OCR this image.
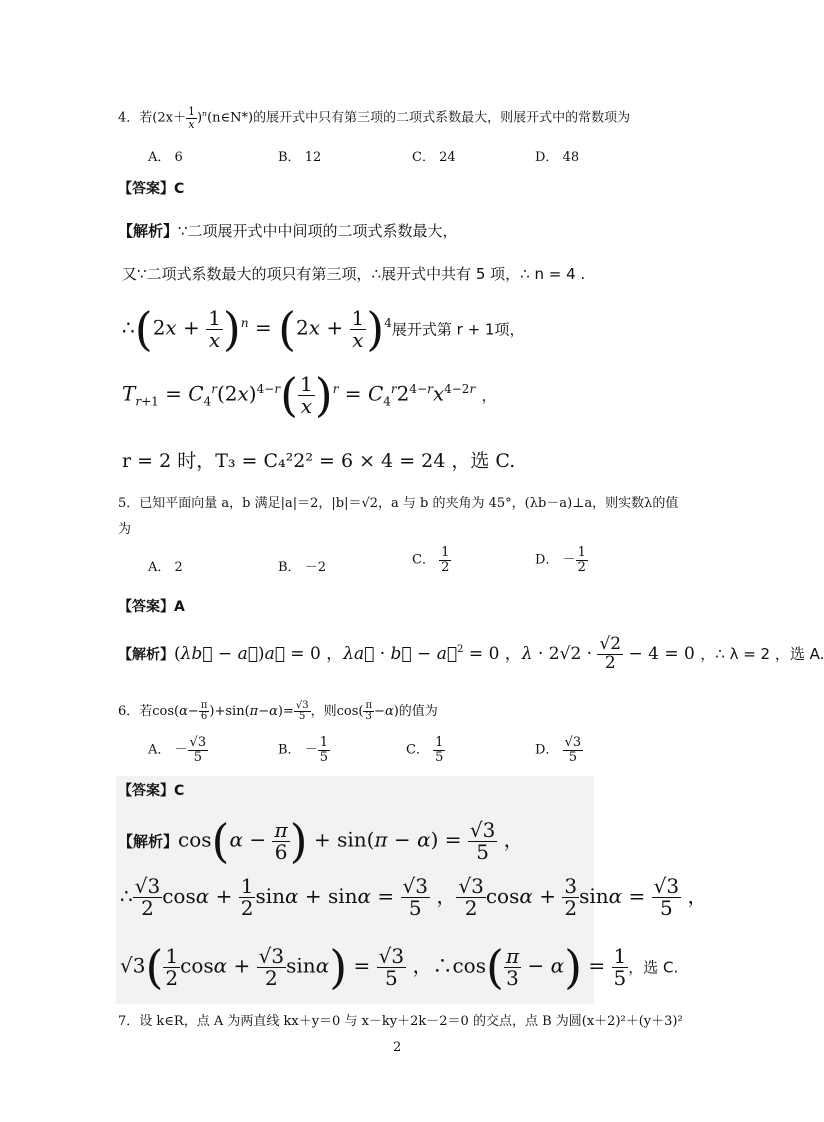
4．若($2x+ \frac{1}{x}$ )$^n(n\in N*)$的展开式中只有第三项的二项式系数最大，则展开式中的常数项为
A． 6	B． 12	C． 24	D． 48
【答案】C
【解析】∵二项展开式中中间项的二项式系数最大，
又∵二项式系数最大的项只有第三项，∴展开式中共有 5 项，∴ n = 4 .
∴(2x + $\frac{1}{x} )^n = (2x + \frac{1}{x} )^4$展开式第 r + 1项，
$T_{r+1} = C_4^r(2x)^{4-r}( \frac{1}{x} )^r = C_4^r2^{4-r}x^{4-2r}$ ，
r = 2 时，T₃ = C₄²2² = 6 × 4 = 24 ，选 C.
5．已知平面向量 a，b 满足|a|＝2，|b|＝√2，a 与 b 的夹角为 45°，(λb－a)⊥a，则实数λ的值
为
A． 2	B． －2	C． $\frac{1}{2}$	D． － $\frac{1}{2}$
【答案】A
【解析】(λb⃗ − a⃗)a⃗ = 0 ，λa⃗ · b⃗ − a⃗$^2$ = 0 ，$\lambda \cdot 2√2 \cdot \frac{√2}{2} - 4 = 0$ ，∴ λ = 2 ，选 A.
6．若$\cos(\alpha- \frac{\pi}{6} )+\sin(\pi-\alpha)= \frac{√3}{5}$ ，则$\cos( \frac{\pi}{3} -\alpha)$的值为
A． － $\frac{√3}{5}$	B． － $\frac{1}{5}$	C． $\frac{1}{5}$	D． $\frac{√3}{5}$
【答案】C
【解析】$\cos(\alpha - \frac{\pi}{6}$ ) + $\sin(\pi - \alpha) = \frac{√3}{5}$ ，
∴ $\frac{√3}{2}$ $\cos\alpha + \frac{1}{2}$ $\sin\alpha + \sin\alpha = \frac{√3}{5}$ ， $\frac{√3}{2}$ $\cos\alpha + \frac{3}{2}$ $\sin\alpha = \frac{√3}{5}$ ，
$√3( \frac{1}{2}$ $\cos\alpha + \frac{√3}{2} \sin\alpha) = \frac{√3}{5}$ ，∴cos( $\frac{\pi}{3} - \alpha) = \frac{1}{5}$ ，选 C.
7．设 k∈R，点 A 为两直线 kx＋y＝0 与 x－ky＋2k－2＝0 的交点，点 B 为圆(x＋2)²＋(y＋3)²
2
